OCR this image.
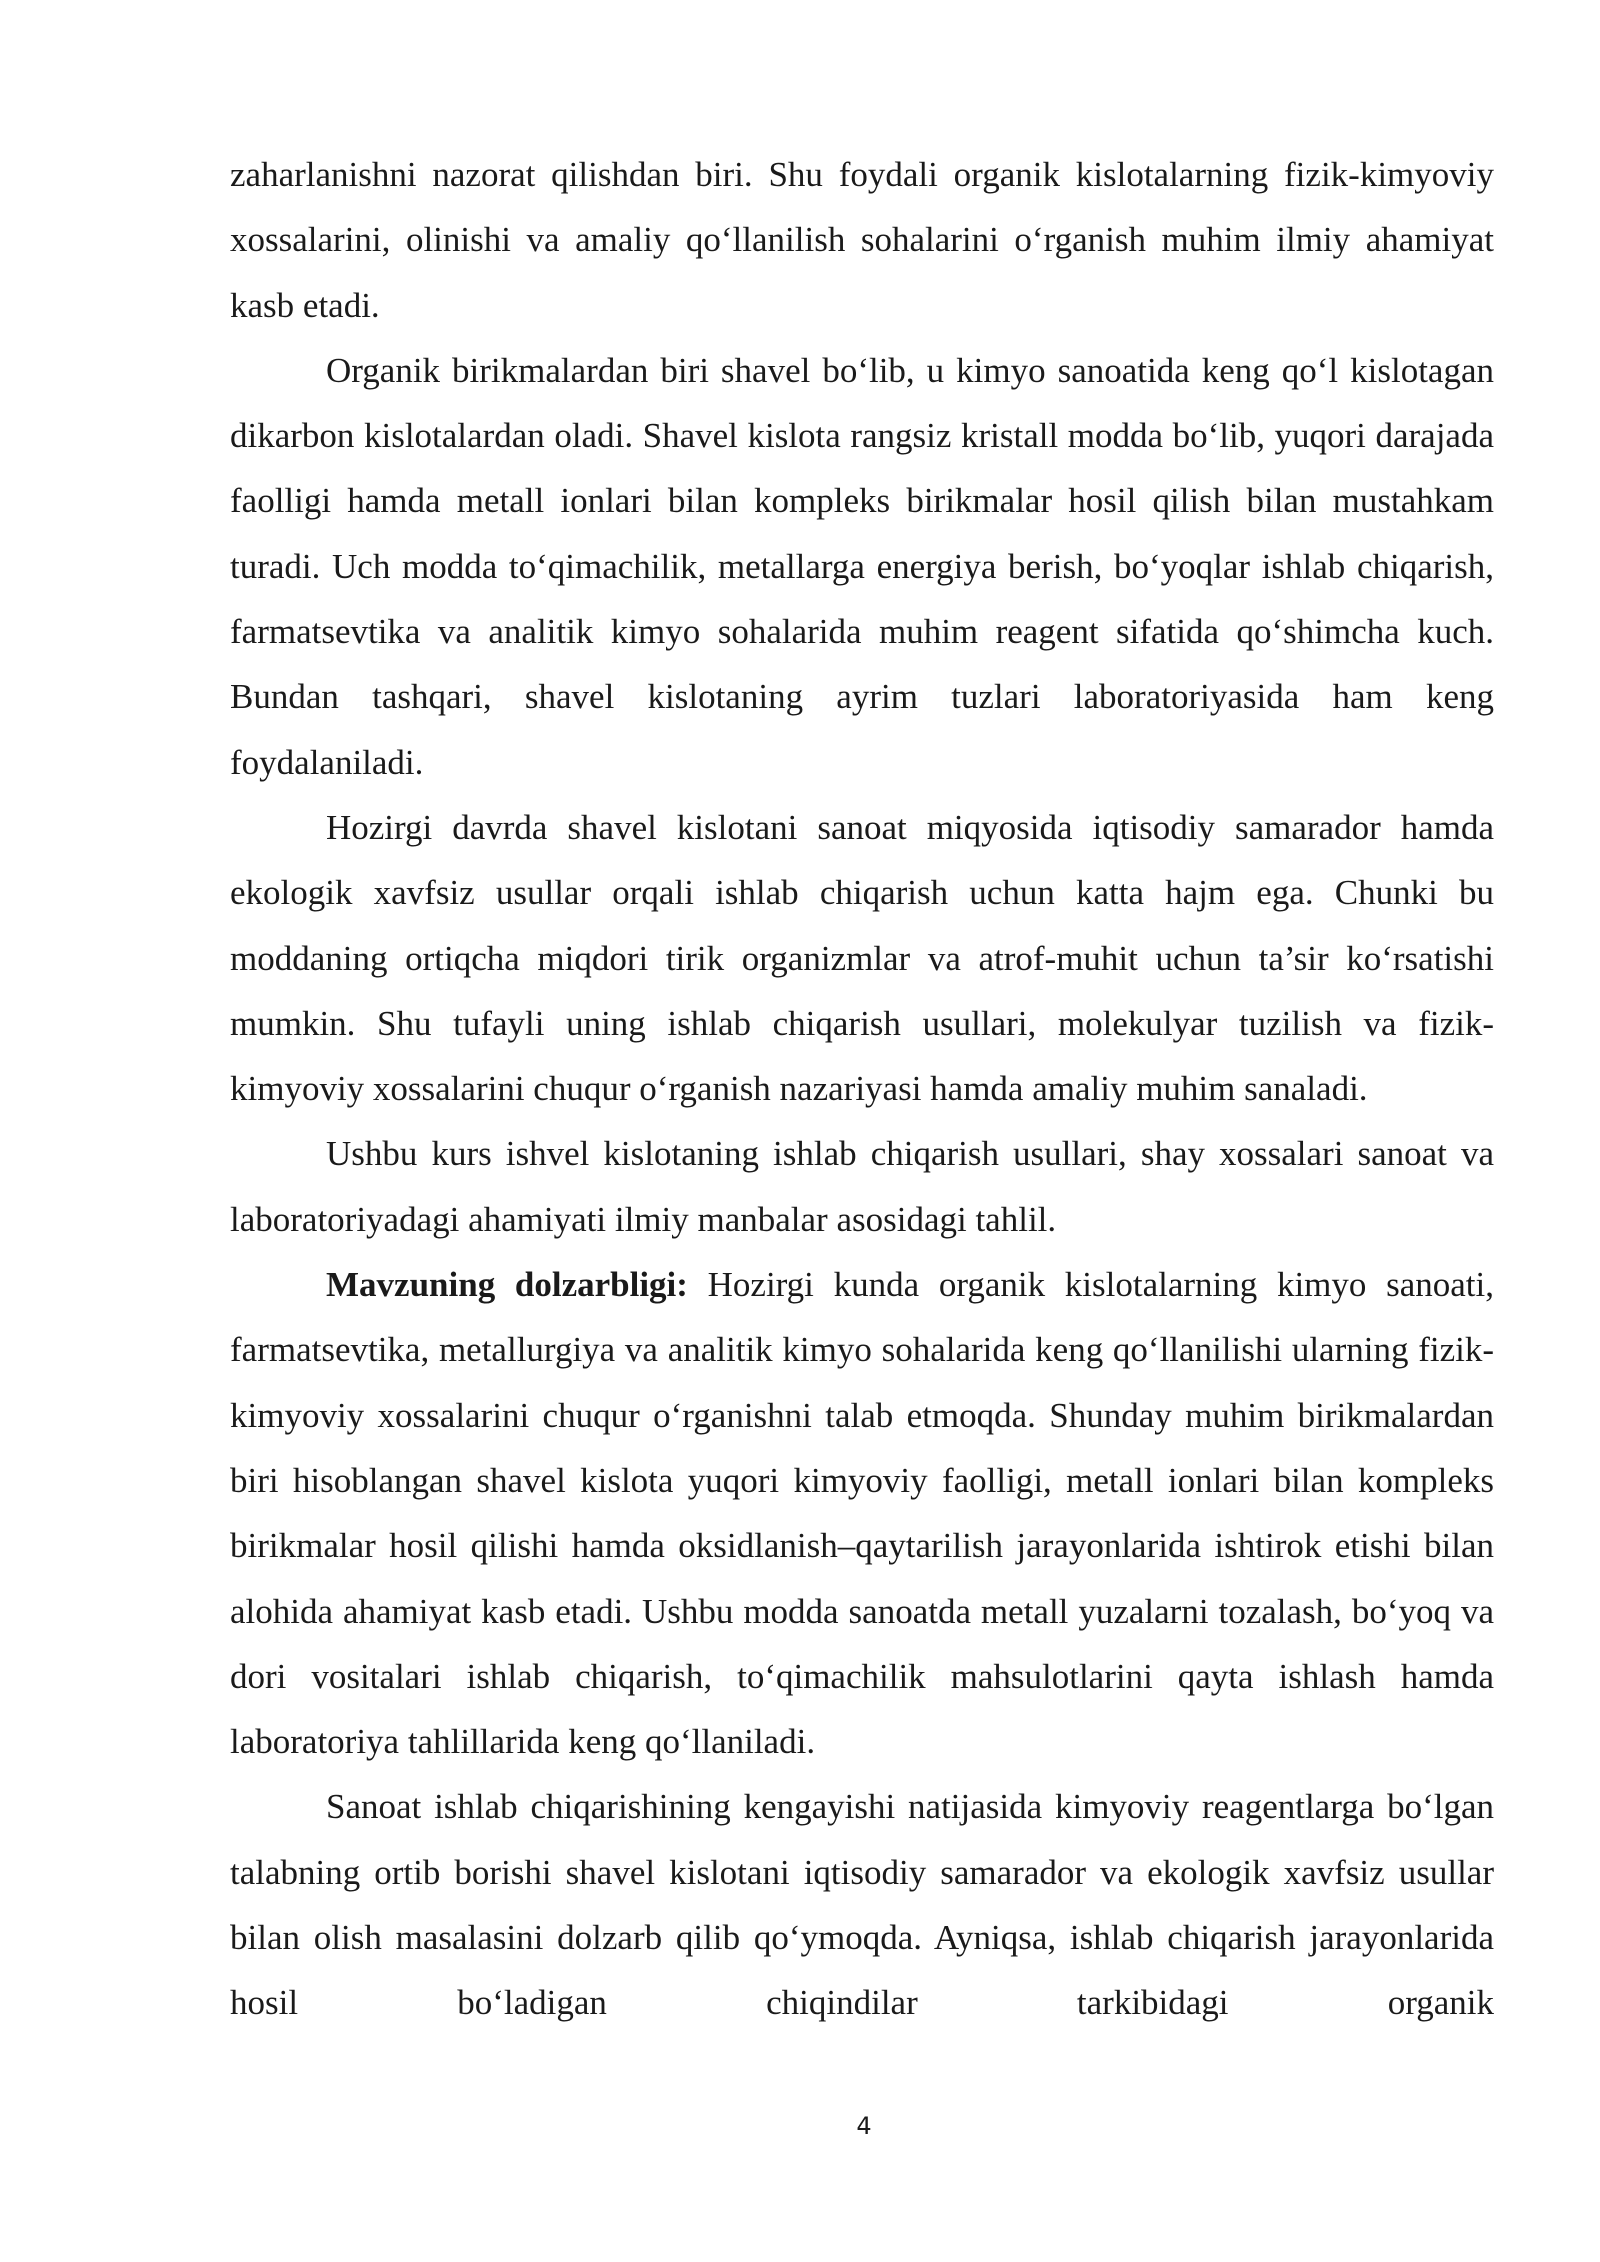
zaharlanishni nazorat qilishdan biri. Shu foydali organik kislotalarning fizik-kimyoviy xossalarini, olinishi va amaliy qo‘llanilish sohalarini o‘rganish muhim ilmiy ahamiyat kasb etadi.

Organik birikmalardan biri shavel bo‘lib, u kimyo sanoatida keng qo‘l kislotagan dikarbon kislotalardan oladi. Shavel kislota rangsiz kristall modda bo‘lib, yuqori darajada faolligi hamda metall ionlari bilan kompleks birikmalar hosil qilish bilan mustahkam turadi. Uch modda to‘qimachilik, metallarga energiya berish, bo‘yoqlar ishlab chiqarish, farmatsevtika va analitik kimyo sohalarida muhim reagent sifatida qo‘shimcha kuch. Bundan tashqari, shavel kislotaning ayrim tuzlari laboratoriyasida ham keng foydalaniladi.

Hozirgi davrda shavel kislotani sanoat miqyosida iqtisodiy samarador hamda ekologik xavfsiz usullar orqali ishlab chiqarish uchun katta hajm ega. Chunki bu moddaning ortiqcha miqdori tirik organizmlar va atrof-muhit uchun ta’sir ko‘rsatishi mumkin. Shu tufayli uning ishlab chiqarish usullari, molekulyar tuzilish va fizik-kimyoviy xossalarini chuqur o‘rganish nazariyasi hamda amaliy muhim sanaladi.

Ushbu kurs ishvel kislotaning ishlab chiqarish usullari, shay xossalari sanoat va laboratoriyadagi ahamiyati ilmiy manbalar asosidagi tahlil.

Mavzuning dolzarbligi: Hozirgi kunda organik kislotalarning kimyo sanoati, farmatsevtika, metallurgiya va analitik kimyo sohalarida keng qo‘llanilishi ularning fizik-kimyoviy xossalarini chuqur o‘rganishni talab etmoqda. Shunday muhim birikmalardan biri hisoblangan shavel kislota yuqori kimyoviy faolligi, metall ionlari bilan kompleks birikmalar hosil qilishi hamda oksidlanish–qaytarilish jarayonlarida ishtirok etishi bilan alohida ahamiyat kasb etadi. Ushbu modda sanoatda metall yuzalarni tozalash, bo‘yoq va dori vositalari ishlab chiqarish, to‘qimachilik mahsulotlarini qayta ishlash hamda laboratoriya tahlillarida keng qo‘llaniladi.

Sanoat ishlab chiqarishining kengayishi natijasida kimyoviy reagentlarga bo‘lgan talabning ortib borishi shavel kislotani iqtisodiy samarador va ekologik xavfsiz usullar bilan olish masalasini dolzarb qilib qo‘ymoqda. Ayniqsa, ishlab chiqarish jarayonlarida hosil bo‘ladigan chiqindilar tarkibidagi organik

4
